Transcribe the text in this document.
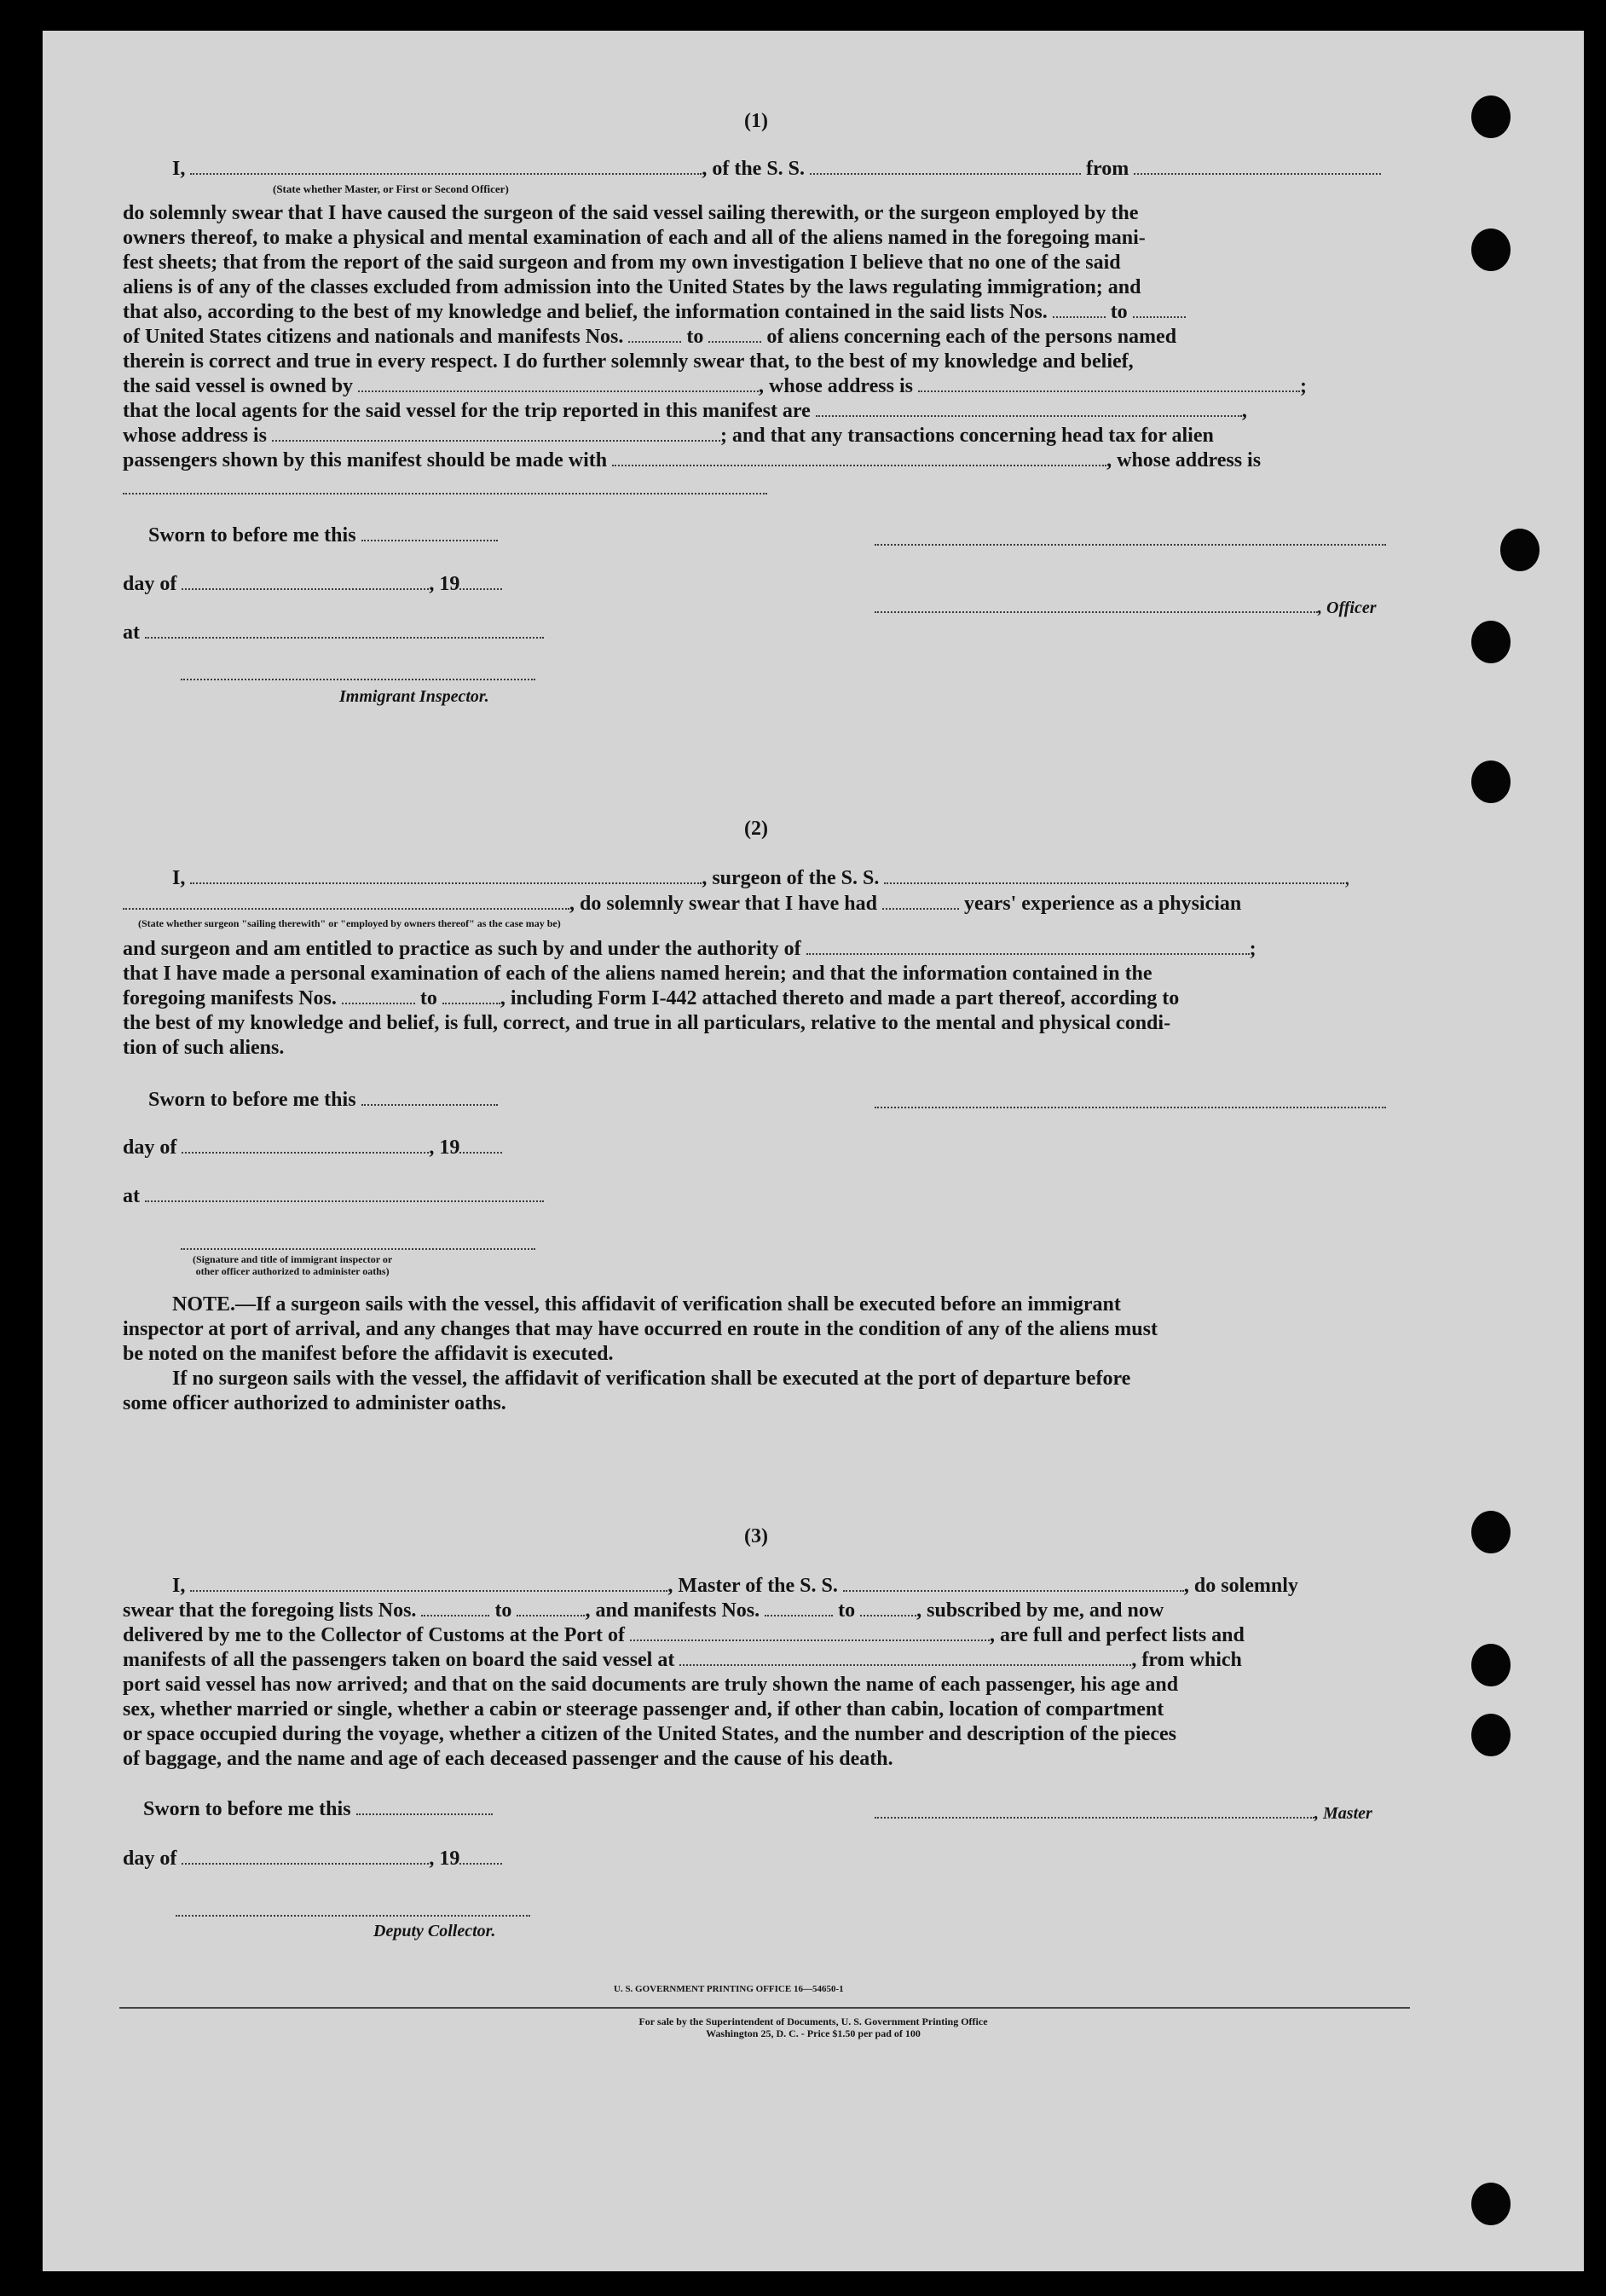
(1)
I,	, of the S. S.	from
(State whether Master, or First or Second Officer)
do solemnly swear that I have caused the surgeon of the said vessel sailing therewith, or the surgeon employed by the
owners thereof, to make a physical and mental examination of each and all of the aliens named in the foregoing mani-
fest sheets; that from the report of the said surgeon and from my own investigation I believe that no one of the said
aliens is of any of the classes excluded from admission into the United States by the laws regulating immigration; and
that also, according to the best of my knowledge and belief, the information contained in the said lists Nos.	to
of United States citizens and nationals and manifests Nos.	to	of aliens concerning each of the persons named
therein is correct and true in every respect. I do further solemnly swear that, to the best of my knowledge and belief,
the said vessel is owned by	, whose address is	;
that the local agents for the said vessel for the trip reported in this manifest are	,
whose address is	; and that any transactions concerning head tax for alien
passengers shown by this manifest should be made with	, whose address is
Sworn to before me this
day of	, 19
, Officer
at
Immigrant Inspector.
(2)
I,	, surgeon of the S. S.	,
, do solemnly swear that I have had	years' experience as a physician
(State whether surgeon "sailing therewith" or "employed by owners thereof" as the case may be)
and surgeon and am entitled to practice as such by and under the authority of	;
that I have made a personal examination of each of the aliens named herein; and that the information contained in the
foregoing manifests Nos.	to	, including Form I-442 attached thereto and made a part thereof, according to
the best of my knowledge and belief, is full, correct, and true in all particulars, relative to the mental and physical condi-
tion of such aliens.
Sworn to before me this
day of	, 19
at
(Signature and title of immigrant inspector or
other officer authorized to administer oaths)
NOTE.—If a surgeon sails with the vessel, this affidavit of verification shall be executed before an immigrant
inspector at port of arrival, and any changes that may have occurred en route in the condition of any of the aliens must
be noted on the manifest before the affidavit is executed.
If no surgeon sails with the vessel, the affidavit of verification shall be executed at the port of departure before
some officer authorized to administer oaths.
(3)
I,	, Master of the S. S.	, do solemnly
swear that the foregoing lists Nos.	to	, and manifests Nos.	to	, subscribed by me, and now
delivered by me to the Collector of Customs at the Port of	, are full and perfect lists and
manifests of all the passengers taken on board the said vessel at	, from which
port said vessel has now arrived; and that on the said documents are truly shown the name of each passenger, his age and
sex, whether married or single, whether a cabin or steerage passenger and, if other than cabin, location of compartment
or space occupied during the voyage, whether a citizen of the United States, and the number and description of the pieces
of baggage, and the name and age of each deceased passenger and the cause of his death.
Sworn to before me this	, Master
day of	, 19
Deputy Collector.
U. S. GOVERNMENT PRINTING OFFICE 16—54650-1
For sale by the Superintendent of Documents, U. S. Government Printing Office
Washington 25, D. C. - Price $1.50 per pad of 100
